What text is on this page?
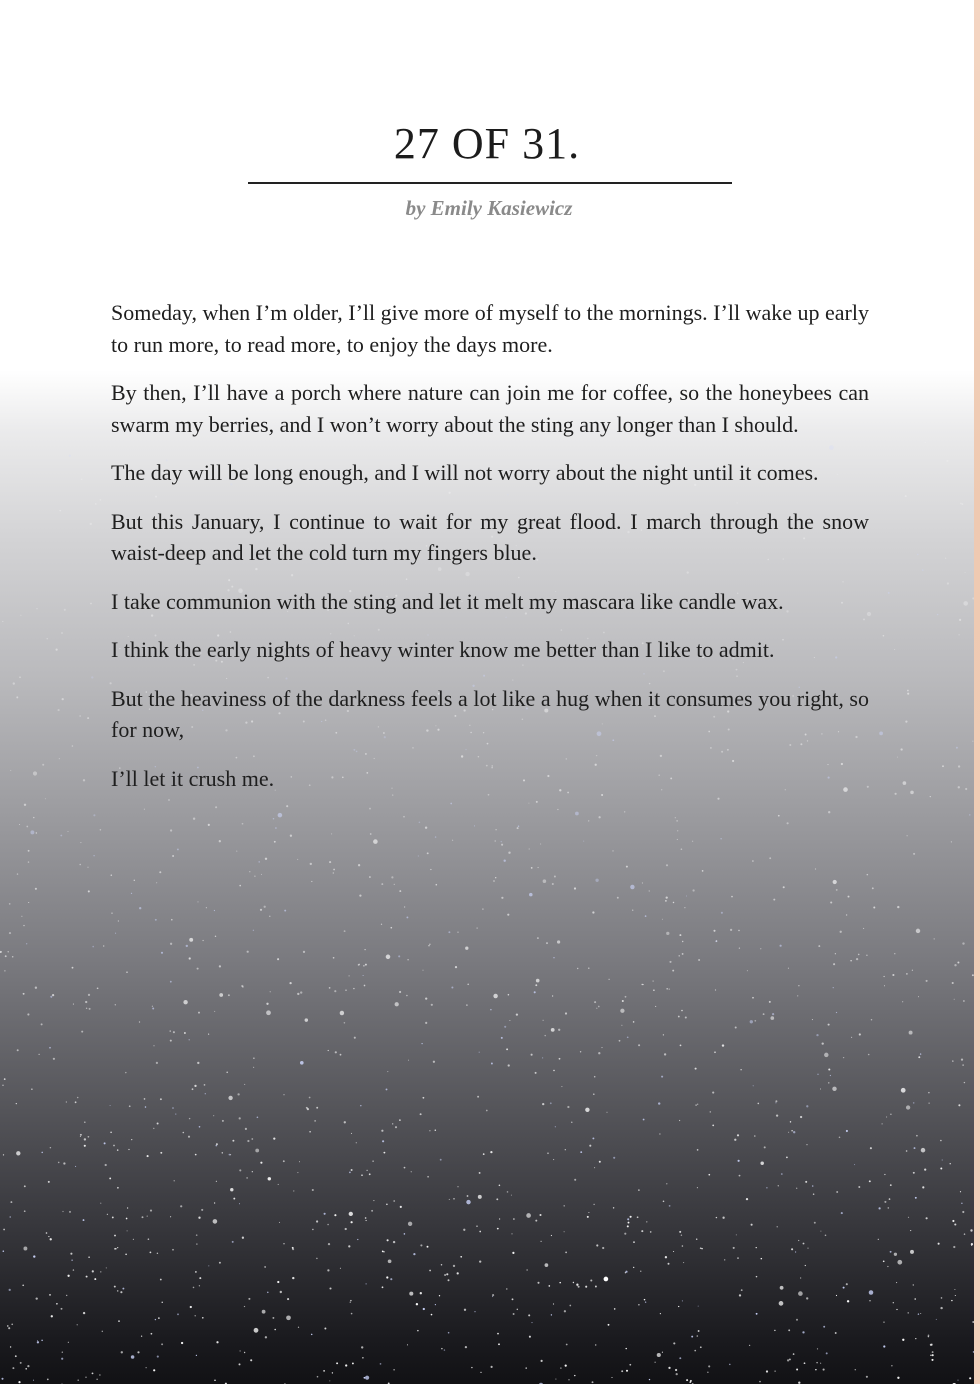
27 OF 31.

by Emily Kasiewicz

Someday, when I’m older, I’ll give more of myself to the mornings. I’ll wake up early to run more, to read more, to enjoy the days more.

By then, I’ll have a porch where nature can join me for coffee, so the honeybees can swarm my berries, and I won’t worry about the sting any longer than I should.

The day will be long enough, and I will not worry about the night until it comes.

But this January, I continue to wait for my great flood. I march through the snow waist-deep and let the cold turn my fingers blue.

I take communion with the sting and let it melt my mascara like candle wax.

I think the early nights of heavy winter know me better than I like to admit.

But the heaviness of the darkness feels a lot like a hug when it consumes you right, so for now,

I’ll let it crush me.
